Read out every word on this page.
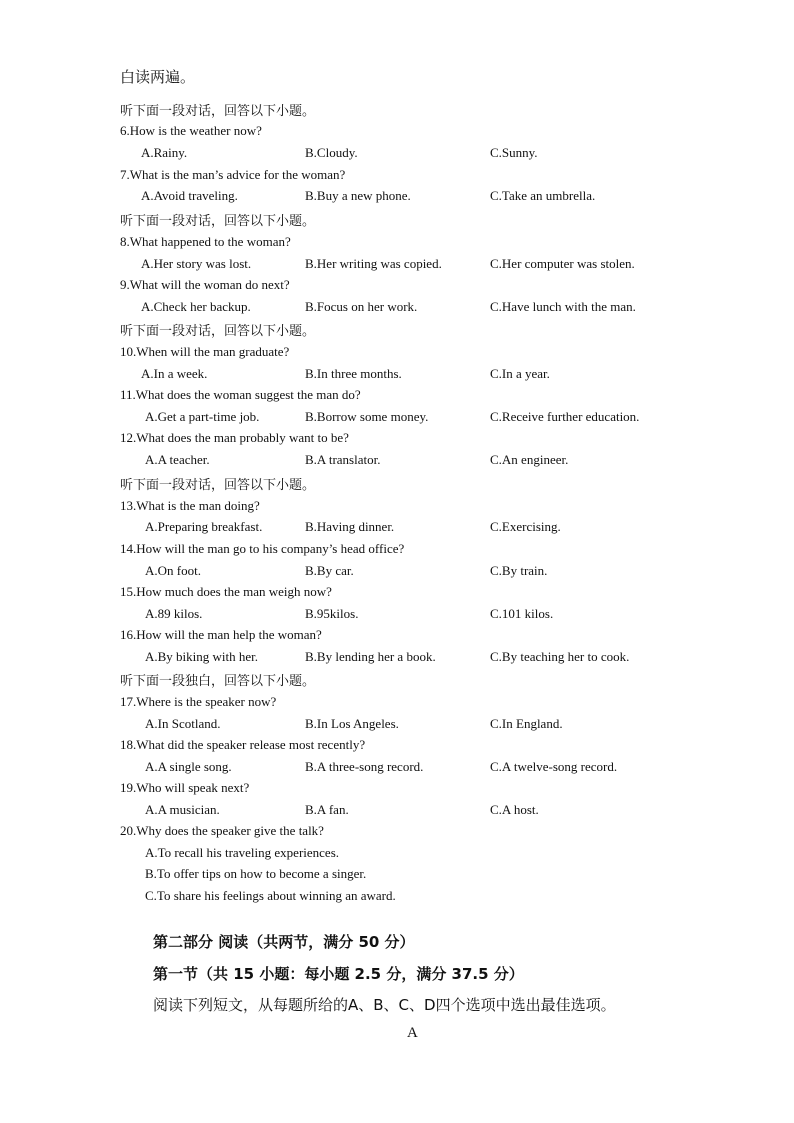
白读两遍。
听下面一段对话，回答以下小题。
6.How is the weather now?
A.Rainy.	B.Cloudy.	C.Sunny.
7.What is the man’s advice for the woman?
A.Avoid traveling.	B.Buy a new phone.	C.Take an umbrella.
听下面一段对话，回答以下小题。
8.What happened to the woman?
A.Her story was lost.	B.Her writing was copied.	C.Her computer was stolen.
9.What will the woman do next?
A.Check her backup.	B.Focus on her work.	C.Have lunch with the man.
听下面一段对话，回答以下小题。
10.When will the man graduate?
A.In a week.	B.In three months.	C.In a year.
11.What does the woman suggest the man do?
A.Get a part-time job.	B.Borrow some money.	C.Receive further education.
12.What does the man probably want to be?
A.A teacher.	B.A translator.	C.An engineer.
听下面一段对话，回答以下小题。
13.What is the man doing?
A.Preparing breakfast.	B.Having dinner.	C.Exercising.
14.How will the man go to his company’s head office?
A.On foot.	B.By car.	C.By train.
15.How much does the man weigh now?
A.89 kilos.	B.95kilos.	C.101 kilos.
16.How will the man help the woman?
A.By biking with her.	B.By lending her a book.	C.By teaching her to cook.
听下面一段独白，回答以下小题。
17.Where is the speaker now?
A.In Scotland.	B.In Los Angeles.	C.In England.
18.What did the speaker release most recently?
A.A single song.	B.A three-song record.	C.A twelve-song record.
19.Who will speak next?
A.A musician.	B.A fan.	C.A host.
20.Why does the speaker give the talk?
A.To recall his traveling experiences.
B.To offer tips on how to become a singer.
C.To share his feelings about winning an award.
第二部分 阅读（共两节，满分 50 分）
第一节（共 15 小题：每小题 2.5 分，满分 37.5 分）
阅读下列短文，从每题所给的A、B、C、D四个选项中选出最佳选项。
A
